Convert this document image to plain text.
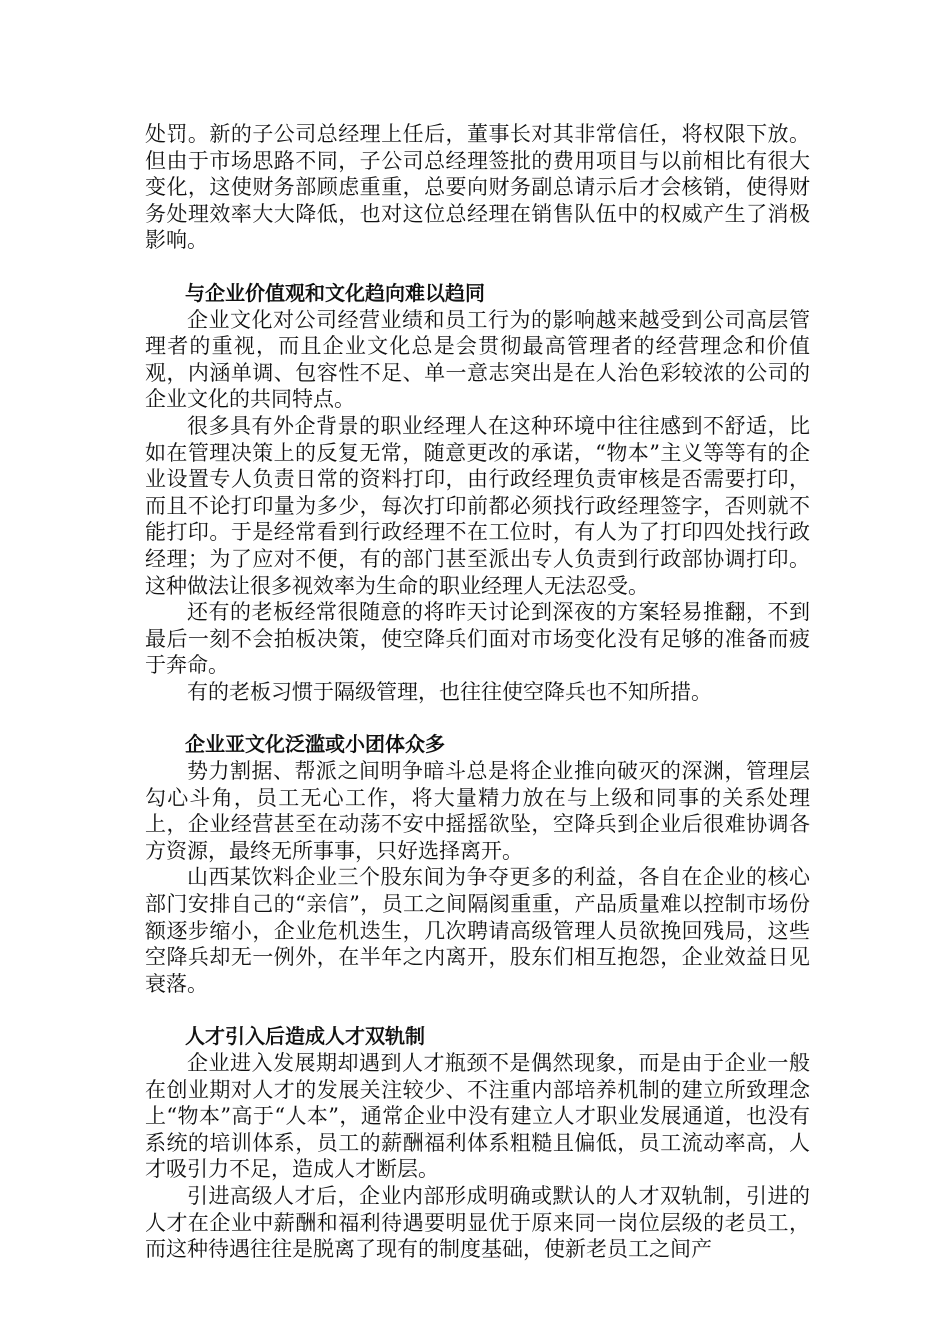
处罚。新的子公司总经理上任后，董事长对其非常信任，将权限下放。但由于市场思路不同，子公司总经理签批的费用项目与以前相比有很大变化，这使财务部顾虑重重，总要向财务副总请示后才会核销，使得财务处理效率大大降低，也对这位总经理在销售队伍中的权威产生了消极影响。

与企业价值观和文化趋向难以趋同

企业文化对公司经营业绩和员工行为的影响越来越受到公司高层管理者的重视，而且企业文化总是会贯彻最高管理者的经营理念和价值观，内涵单调、包容性不足、单一意志突出是在人治色彩较浓的公司的企业文化的共同特点。

很多具有外企背景的职业经理人在这种环境中往往感到不舒适，比如在管理决策上的反复无常，随意更改的承诺，“物本”主义等等有的企业设置专人负责日常的资料打印，由行政经理负责审核是否需要打印，而且不论打印量为多少，每次打印前都必须找行政经理签字，否则就不能打印。于是经常看到行政经理不在工位时，有人为了打印四处找行政经理；为了应对不便，有的部门甚至派出专人负责到行政部协调打印。这种做法让很多视效率为生命的职业经理人无法忍受。

还有的老板经常很随意的将昨天讨论到深夜的方案轻易推翻，不到最后一刻不会拍板决策，使空降兵们面对市场变化没有足够的准备而疲于奔命。

有的老板习惯于隔级管理，也往往使空降兵也不知所措。

企业亚文化泛滥或小团体众多

势力割据、帮派之间明争暗斗总是将企业推向破灭的深渊，管理层勾心斗角，员工无心工作，将大量精力放在与上级和同事的关系处理上，企业经营甚至在动荡不安中摇摇欲坠，空降兵到企业后很难协调各方资源，最终无所事事，只好选择离开。

山西某饮料企业三个股东间为争夺更多的利益，各自在企业的核心部门安排自己的“亲信”，员工之间隔阂重重，产品质量难以控制市场份额逐步缩小，企业危机迭生，几次聘请高级管理人员欲挽回残局，这些空降兵却无一例外，在半年之内离开，股东们相互抱怨，企业效益日见衰落。

人才引入后造成人才双轨制

企业进入发展期却遇到人才瓶颈不是偶然现象，而是由于企业一般在创业期对人才的发展关注较少、不注重内部培养机制的建立所致理念上“物本”高于“人本”，通常企业中没有建立人才职业发展通道，也没有系统的培训体系，员工的薪酬福利体系粗糙且偏低，员工流动率高，人才吸引力不足，造成人才断层。

引进高级人才后，企业内部形成明确或默认的人才双轨制，引进的人才在企业中薪酬和福利待遇要明显优于原来同一岗位层级的老员工，而这种待遇往往是脱离了现有的制度基础，使新老员工之间产
